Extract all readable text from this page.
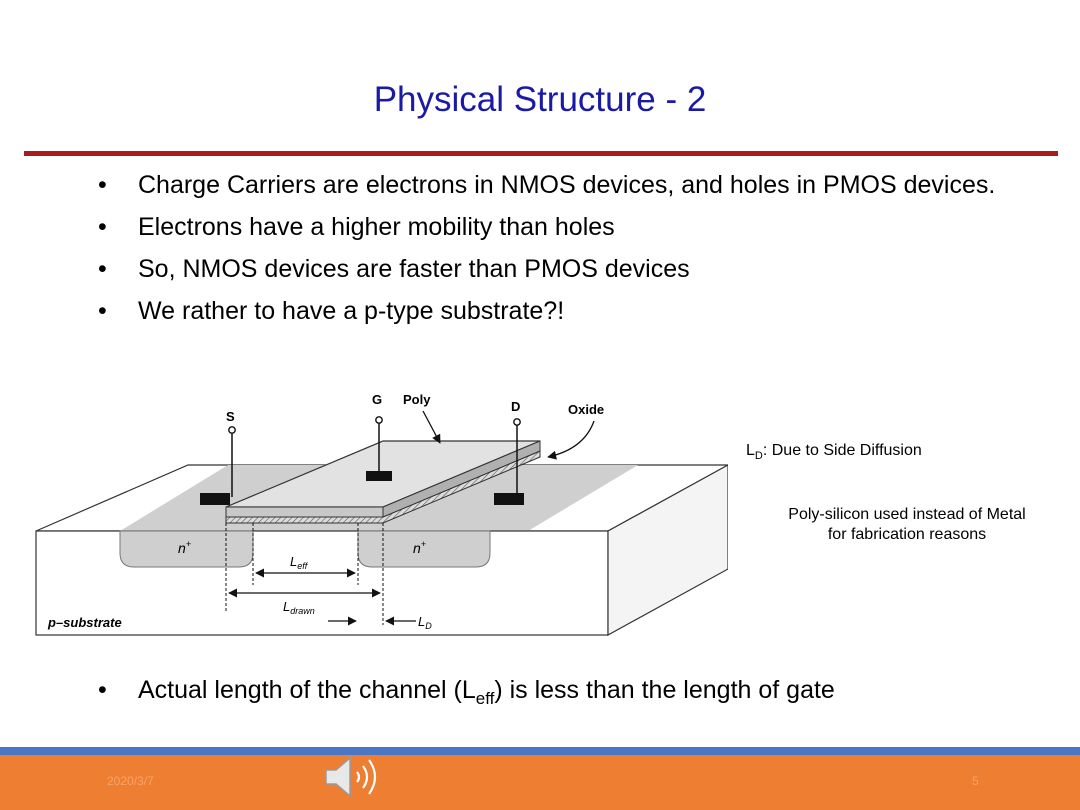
Physical Structure - 2
• Charge Carriers are electrons in NMOS devices, and holes in PMOS devices.
• Electrons have a higher mobility than holes
• So, NMOS devices are faster than PMOS devices
• We rather to have a p-type substrate?!
S
G	D
Poly
Oxide
n+	n+
$L_{eff}$
$L_{drawn}$
$L_D$
p–substrate
$L_D$: Due to Side Diffusion
Poly-silicon used instead of Metal
for fabrication reasons
• Actual length of the channel $(L_{eff})$ is less than the length of gate
2020/3/7	5
